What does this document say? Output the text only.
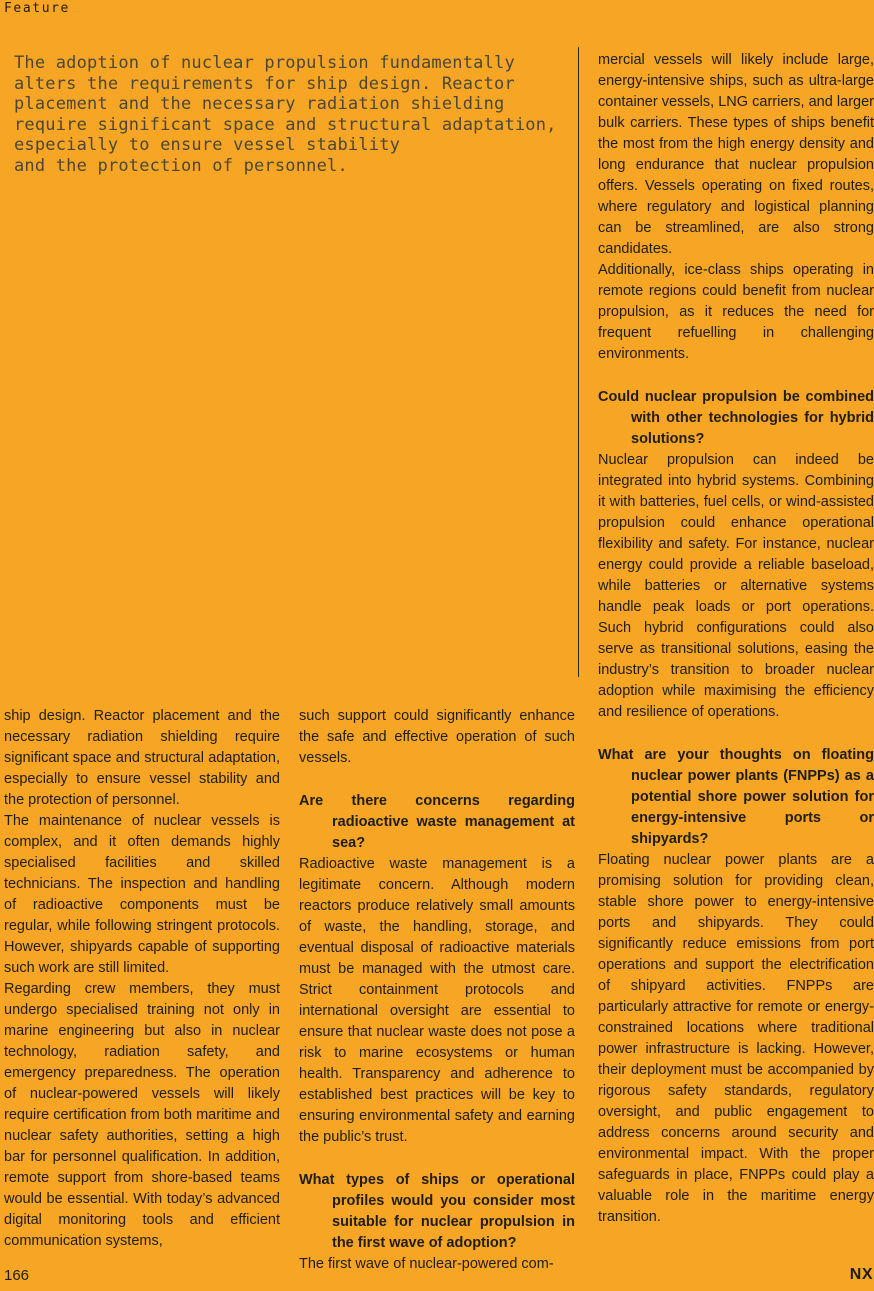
Feature
The adoption of nuclear propulsion fundamentally
alters the requirements for ship design. Reactor
placement and the necessary radiation shielding
require significant space and structural adaptation,
especially to ensure vessel stability
and the protection of personnel.

mercial vessels will likely include large, energy-intensive ships, such as ultra-large container vessels, LNG carriers, and larger bulk carriers. These types of ships benefit the most from the high energy density and long endurance that nuclear propulsion offers. Vessels operating on fixed routes, where regulatory and logistical planning can be streamlined, are also strong candidates.

Additionally, ice-class ships operating in remote regions could benefit from nuclear propulsion, as it reduces the need for frequent refuelling in challenging environments.

Could nuclear propulsion be combined with other technologies for hybrid solutions?

Nuclear propulsion can indeed be integrated into hybrid systems. Combining it with batteries, fuel cells, or wind-assisted propulsion could enhance operational flexibility and safety. For instance, nuclear energy could provide a reliable baseload, while batteries or alternative systems handle peak loads or port operations. Such hybrid configurations could also serve as transitional solutions, easing the industry’s transition to broader nuclear adoption while maximising the efficiency and resilience of operations.

What are your thoughts on floating nuclear power plants (FNPPs) as a potential shore power solution for energy-intensive ports or shipyards?

Floating nuclear power plants are a promising solution for providing clean, stable shore power to energy-intensive ports and shipyards. They could significantly reduce emissions from port operations and support the electrification of shipyard activities. FNPPs are particularly attractive for remote or energy-constrained locations where traditional power infrastructure is lacking. However, their deployment must be accompanied by rigorous safety standards, regulatory oversight, and public engagement to address concerns around security and environmental impact. With the proper safeguards in place, FNPPs could play a valuable role in the maritime energy transition.

ship design. Reactor placement and the necessary radiation shielding require significant space and structural adaptation, especially to ensure vessel stability and the protection of personnel.

The maintenance of nuclear vessels is complex, and it often demands highly specialised facilities and skilled technicians. The inspection and handling of radioactive components must be regular, while following stringent protocols. However, shipyards capable of supporting such work are still limited.

Regarding crew members, they must undergo specialised training not only in marine engineering but also in nuclear technology, radiation safety, and emergency preparedness. The operation of nuclear-powered vessels will likely require certification from both maritime and nuclear safety authorities, setting a high bar for personnel qualification. In addition, remote support from shore-based teams would be essential. With today’s advanced digital monitoring tools and efficient communication systems,

such support could significantly enhance the safe and effective operation of such vessels.

Are there concerns regarding radioactive waste management at sea?

Radioactive waste management is a legitimate concern. Although modern reactors produce relatively small amounts of waste, the handling, storage, and eventual disposal of radioactive materials must be managed with the utmost care. Strict containment protocols and international oversight are essential to ensure that nuclear waste does not pose a risk to marine ecosystems or human health. Transparency and adherence to established best practices will be key to ensuring environmental safety and earning the public’s trust.

What types of ships or operational profiles would you consider most suitable for nuclear propulsion in the first wave of adoption?

The first wave of nuclear-powered com-

166	NX
